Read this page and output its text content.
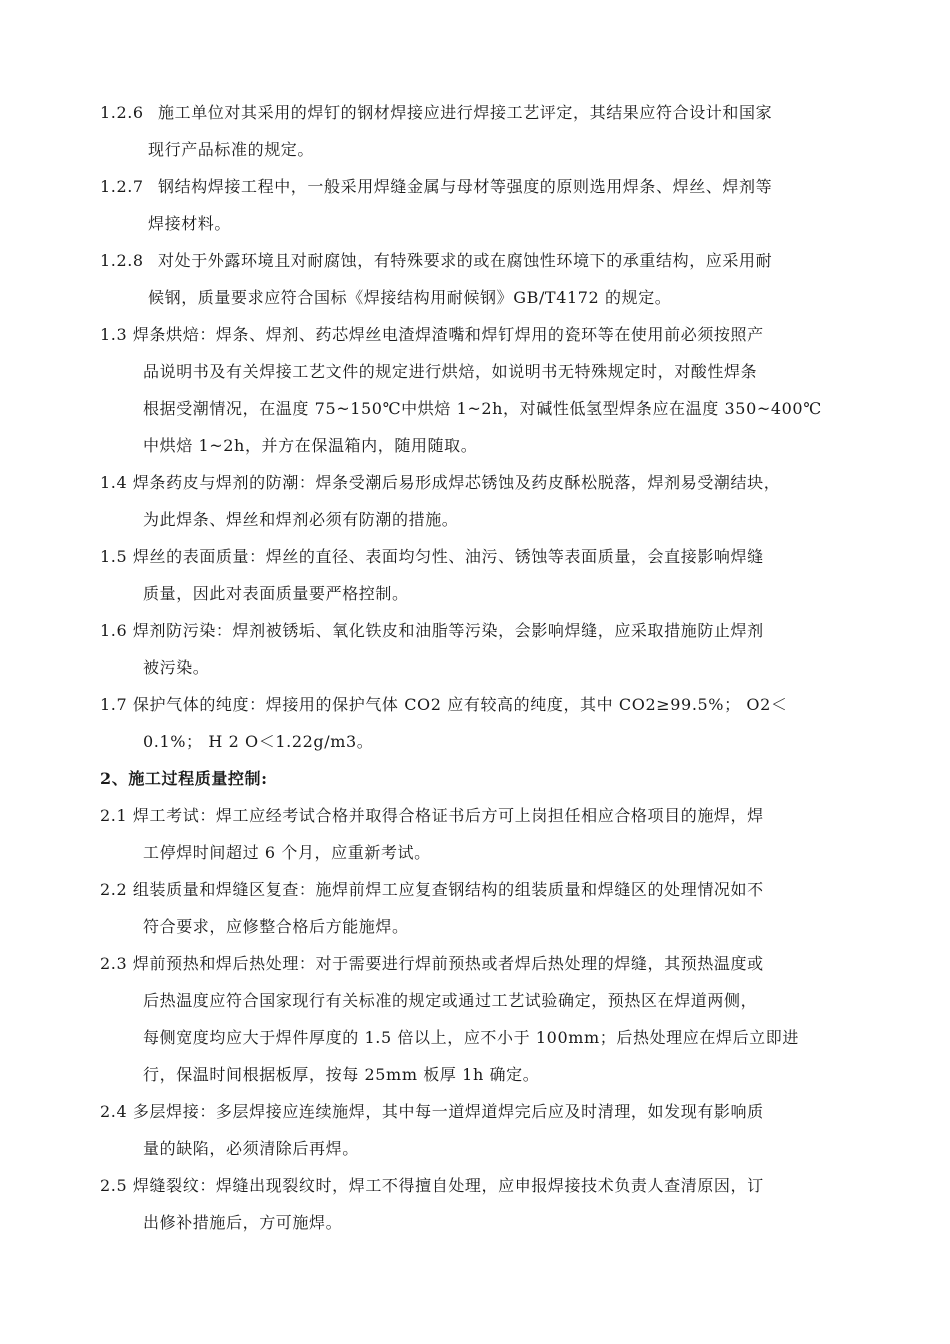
1.2.6 施工单位对其采用的焊钉的钢材焊接应进行焊接工艺评定，其结果应符合设计和国家
现行产品标准的规定。
1.2.7 钢结构焊接工程中，一般采用焊缝金属与母材等强度的原则选用焊条、焊丝、焊剂等
焊接材料。
1.2.8 对处于外露环境且对耐腐蚀，有特殊要求的或在腐蚀性环境下的承重结构，应采用耐
候钢，质量要求应符合国标《焊接结构用耐候钢》GB/T4172 的规定。
1.3 焊条烘焙：焊条、焊剂、药芯焊丝电渣焊渣嘴和焊钉焊用的瓷环等在使用前必须按照产
品说明书及有关焊接工艺文件的规定进行烘焙，如说明书无特殊规定时，对酸性焊条
根据受潮情况，在温度 75~150℃中烘焙 1~2h，对碱性低氢型焊条应在温度 350~400℃
中烘焙 1~2h，并方在保温箱内，随用随取。
1.4 焊条药皮与焊剂的防潮：焊条受潮后易形成焊芯锈蚀及药皮酥松脱落，焊剂易受潮结块，
为此焊条、焊丝和焊剂必须有防潮的措施。
1.5 焊丝的表面质量：焊丝的直径、表面均匀性、油污、锈蚀等表面质量，会直接影响焊缝
质量，因此对表面质量要严格控制。
1.6 焊剂防污染：焊剂被锈垢、氧化铁皮和油脂等污染，会影响焊缝，应采取措施防止焊剂
被污染。
1.7 保护气体的纯度：焊接用的保护气体 CO2 应有较高的纯度，其中 CO2≥99.5%； O2＜
0.1%； H 2 O＜1.22g/m3。
2、施工过程质量控制:
2.1 焊工考试：焊工应经考试合格并取得合格证书后方可上岗担任相应合格项目的施焊，焊
工停焊时间超过 6 个月，应重新考试。
2.2 组装质量和焊缝区复查：施焊前焊工应复查钢结构的组装质量和焊缝区的处理情况如不
符合要求，应修整合格后方能施焊。
2.3 焊前预热和焊后热处理：对于需要进行焊前预热或者焊后热处理的焊缝，其预热温度或
后热温度应符合国家现行有关标准的规定或通过工艺试验确定，预热区在焊道两侧，
每侧宽度均应大于焊件厚度的 1.5 倍以上，应不小于 100mm；后热处理应在焊后立即进
行，保温时间根据板厚，按每 25mm 板厚 1h 确定。
2.4 多层焊接：多层焊接应连续施焊，其中每一道焊道焊完后应及时清理，如发现有影响质
量的缺陷，必须清除后再焊。
2.5 焊缝裂纹：焊缝出现裂纹时，焊工不得擅自处理，应申报焊接技术负责人查清原因，订
出修补措施后，方可施焊。
